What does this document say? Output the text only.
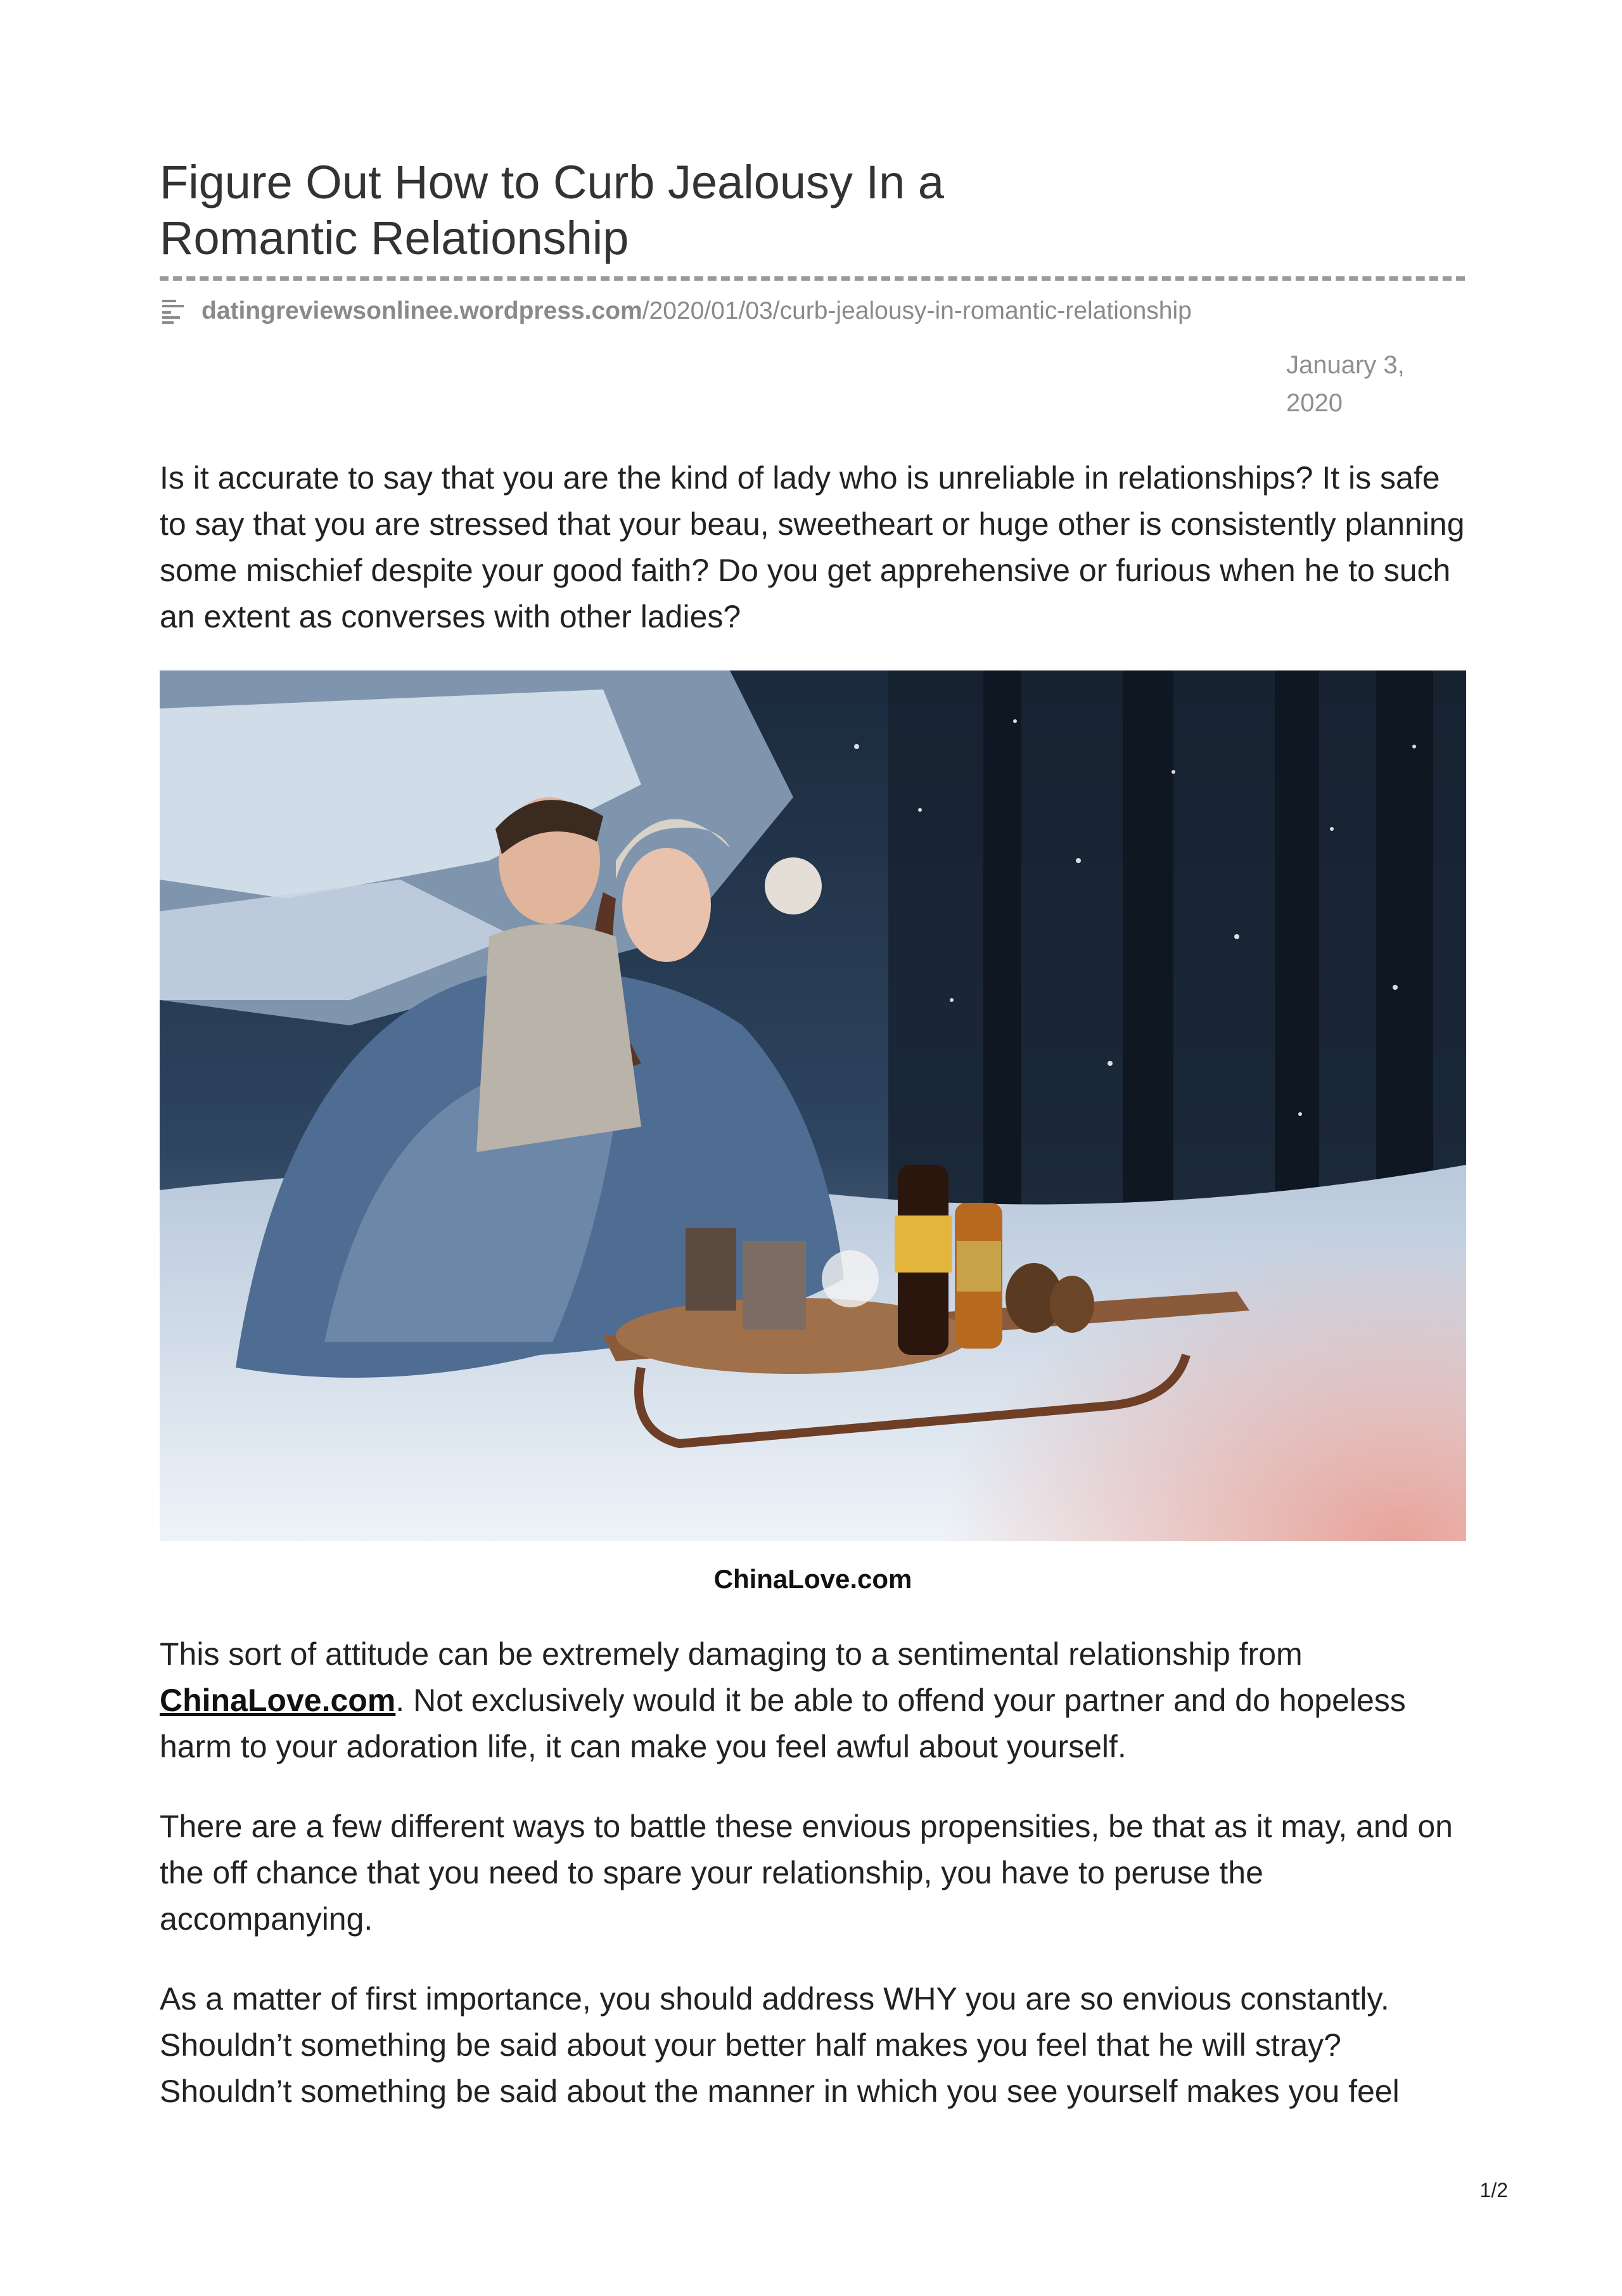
Figure Out How to Curb Jealousy In a Romantic Relationship
datingreviewsonlinee.wordpress.com /2020/01/03/curb-jealousy-in-romantic-relationship
January 3, 2020

Is it accurate to say that you are the kind of lady who is unreliable in relationships? It is safe to say that you are stressed that your beau, sweetheart or huge other is consistently planning some mischief despite your good faith? Do you get apprehensive or furious when he to such an extent as converses with other ladies?

ChinaLove.com

This sort of attitude can be extremely damaging to a sentimental relationship from
ChinaLove.com. Not exclusively would it be able to offend your partner and do hopeless harm to your adoration life, it can make you feel awful about yourself.

There are a few different ways to battle these envious propensities, be that as it may, and on the off chance that you need to spare your relationship, you have to peruse the accompanying.

As a matter of first importance, you should address WHY you are so envious constantly. Shouldn’t something be said about your better half makes you feel that he will stray? Shouldn’t something be said about the manner in which you see yourself makes you feel

1/2
